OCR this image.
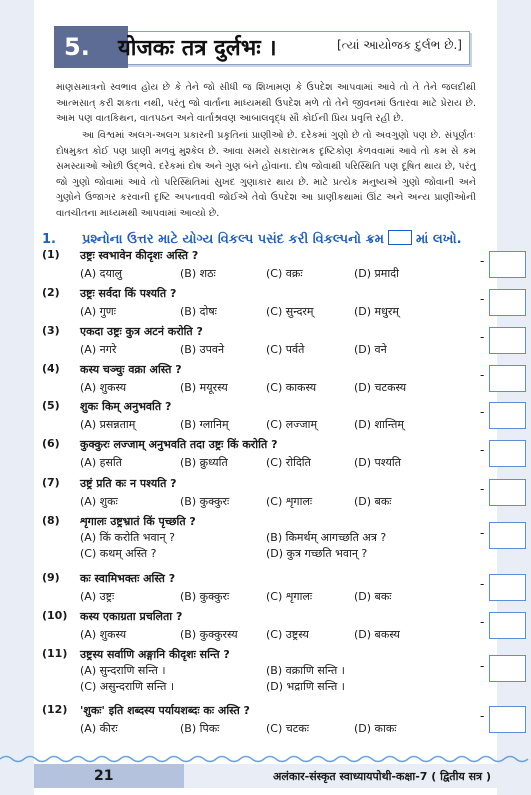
5.	योजकः तत्र दुर्लभः ।	[ત્યાં આયોજક દુર્લભ છે.]
માણસમાત્રનો સ્વભાવ હોય છે કે તેને જો સીધી જ શિખામણ કે ઉપદેશ આપવામાં આવે તો તે તેને જલદીથી આત્મસાત્ કરી શકતા નથી, પરંતુ જો વાર્તાના માધ્યમથી ઉપદેશ મળે તો તેને જીવનમાં ઉતારવા માટે પ્રેરાય છે. આમ પણ વાતકિથન, વાતપઠન અને વાર્તાશ્રવણ આબાલવૃદ્ધ સૌ કોઈની પ્રિય પ્રવૃત્તિ રહી છે.
આ વિશ્વમાં અલગ-અલગ પ્રકારની પ્રકૃતિનાં પ્રાણીઓ છે. દરેકમાં ગુણો છે તો અવગુણો પણ છે. સંપૂર્ણતઃ દોષમુક્ત કોઈ પણ પ્રાણી મળવું મુશ્કેલ છે. આવા સમયે સકારાત્મક દૃષ્ટિકોણ કેળવવામાં આવે તો કમ સે કમ સમસ્યાઓ ઓછી ઉદ્ભવે. દરેકમાં દોષ અને ગુણ બંને હોવાના. દોષ જોવાથી પરિસ્થિતિ પણ દૂષિત થાય છે, પરંતુ જો ગુણો જોવામાં આવે તો પરિસ્થિતિમાં સુખદ ગુણાકાર થાય છે. માટે પ્રત્યેક મનુષ્યએ ગુણો જોવાની અને ગુણોને ઉજાગર કરવાની દૃષ્ટિ અપનાવવી જોઈએ તેવો ઉપદેશ આ પ્રાણીકથામાં ઊંટ અને અન્ય પ્રાણીઓની વાતચીતના માધ્યમથી આપવામાં આવ્યો છે.
1. પ્રશ્નોના ઉત્તર માટે યોગ્ય વિકલ્પ પસંદ કરી વિકલ્પનો ક્રમ માં લખો.
(1) उष्ट्रः स्वभावेन कीदृशः अस्ति ?
(A) दयालु	(B) शठः	(C) वक्रः	(D) प्रमादी
-
(2) उष्ट्रः सर्वदा किं पश्यति ?
(A) गुणः	(B) दोषः	(C) सुन्दरम्	(D) मधुरम्
-
(3) एकदा उष्ट्रः कुत्र अटनं करोति ?
(A) नगरे	(B) उपवने	(C) पर्वते	(D) वने
-
(4) कस्य चञ्चुः वक्रा अस्ति ?
(A) शुकस्य	(B) मयूरस्य	(C) काकस्य	(D) चटकस्य
-
(5) शुकः किम् अनुभवति ?
(A) प्रसन्नताम्	(B) ग्लानिम्	(C) लज्जाम्	(D) शान्तिम्
-
(6) कुक्कुरः लज्जाम् अनुभवति तदा उष्ट्रः किं करोति ?
(A) हसति	(B) क्रुध्यति	(C) रोदिति	(D) पश्यति
-
(7) उष्ट्रं प्रति कः न पश्यति ?
(A) शुकः	(B) कुक्कुरः	(C) शृगालः	(D) बकः
-
(8) शृगालः उष्ट्रभ्रातं किं पृच्छति ?
(A) किं करोति भवान् ?	(B) किमर्थम् आगच्छति अत्र ?
(C) कथम् अस्ति ?	(D) कुत्र गच्छति भवान् ?
-
(9) कः स्वामिभक्तः अस्ति ?
(A) उष्ट्रः	(B) कुक्कुरः	(C) शृगालः	(D) बकः
-
(10) कस्य एकाग्रता प्रचलिता ?
(A) शुकस्य	(B) कुक्कुरस्य	(C) उष्ट्रस्य	(D) बकस्य
-
(11) उष्ट्रस्य सर्वाणि अङ्गानि कीदृशः सन्ति ?
(A) सुन्दराणि सन्ति ।	(B) वक्राणि सन्ति ।
(C) असुन्दराणि सन्ति ।	(D) भद्राणि सन्ति ।
-
(12) 'शुकः' इति शब्दस्य पर्यायशब्दः कः अस्ति ?
(A) कीरः	(B) पिकः	(C) चटकः	(D) काकः
-
21	अलंकार-संस्कृत स्वाध्यायपोथी-कक्षा-7 ( द्वितीय सत्र )
